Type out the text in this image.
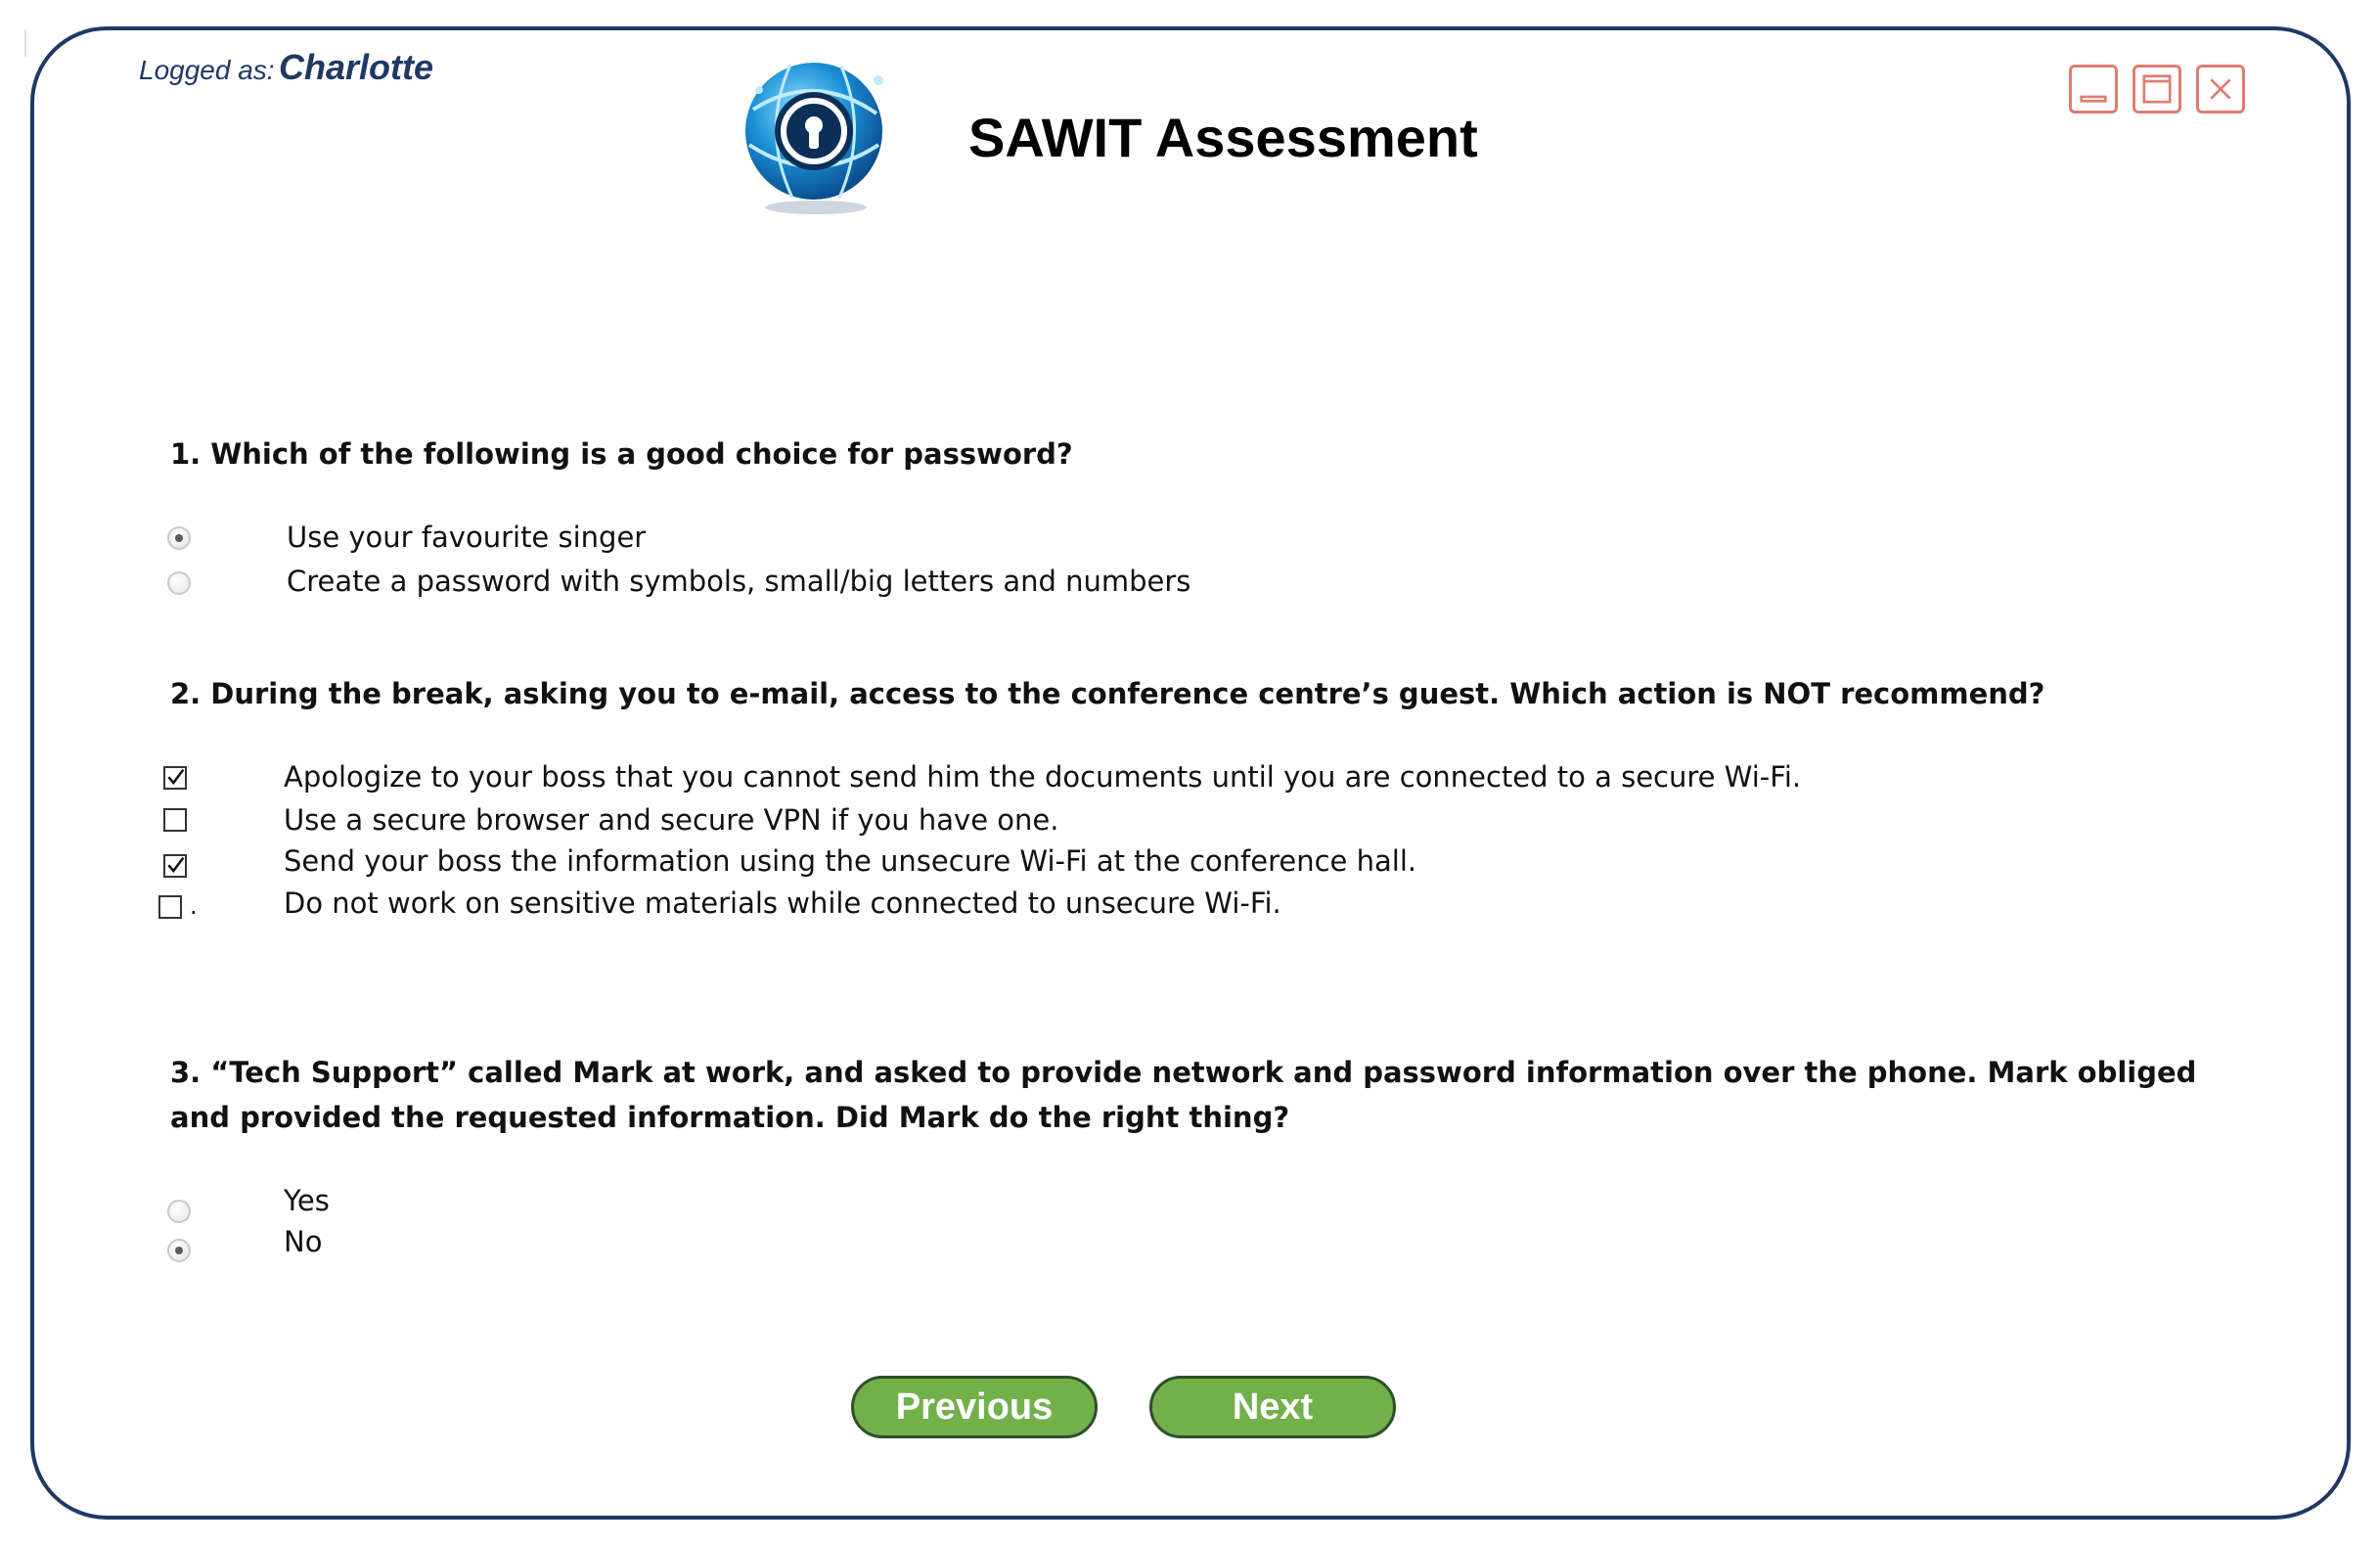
Logged as: Charlotte
SAWIT Assessment
1. Which of the following is a good choice for password?
Use your favourite singer
Create a password with symbols, small/big letters and numbers
2. During the break, asking you to e-mail, access to the conference centre’s guest. Which action is NOT recommend?
Apologize to your boss that you cannot send him the documents until you are connected to a secure Wi-Fi.
Use a secure browser and secure VPN if you have one.
Send your boss the information using the unsecure Wi-Fi at the conference hall.
.	Do not work on sensitive materials while connected to unsecure Wi-Fi.
3. “Tech Support” called Mark at work, and asked to provide network and password information over the phone. Mark obliged and provided the requested information. Did Mark do the right thing?
Yes
No
Previous	Next
